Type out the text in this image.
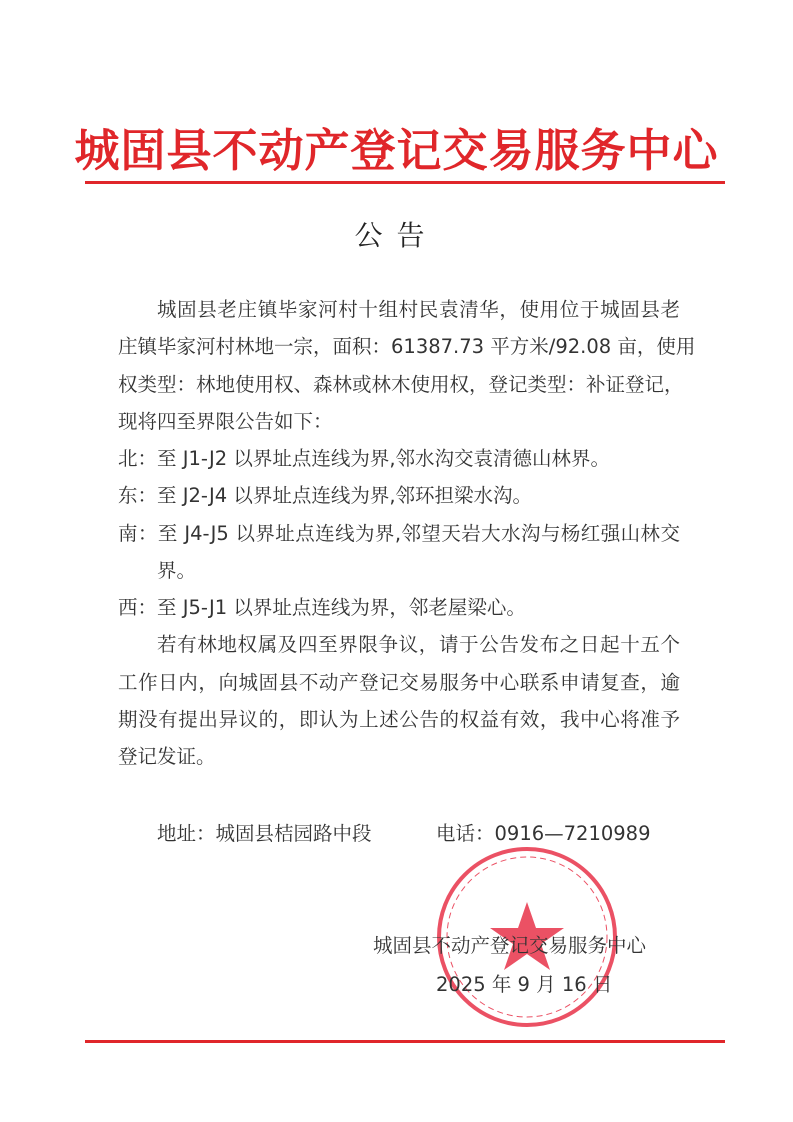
城固县不动产登记交易服务中心
公告
城固县老庄镇毕家河村十组村民袁清华，使用位于城固县老
庄镇毕家河村林地一宗，面积：61387.73 平方米/92.08 亩，使用
权类型：林地使用权、森林或林木使用权，登记类型：补证登记，
现将四至界限公告如下：
北：至 J1-J2 以界址点连线为界,邻水沟交袁清德山林界。
东：至 J2-J4 以界址点连线为界,邻环担梁水沟。
南：至 J4-J5 以界址点连线为界,邻望天岩大水沟与杨红强山林交
界。
西：至 J5-J1 以界址点连线为界，邻老屋梁心。
若有林地权属及四至界限争议，请于公告发布之日起十五个
工作日内，向城固县不动产登记交易服务中心联系申请复查，逾
期没有提出异议的，即认为上述公告的权益有效，我中心将准予
登记发证。
地址：城固县桔园路中段	电话：0916—7210989
城固县不动产登记交易服务中心
2025 年 9 月 16 日
